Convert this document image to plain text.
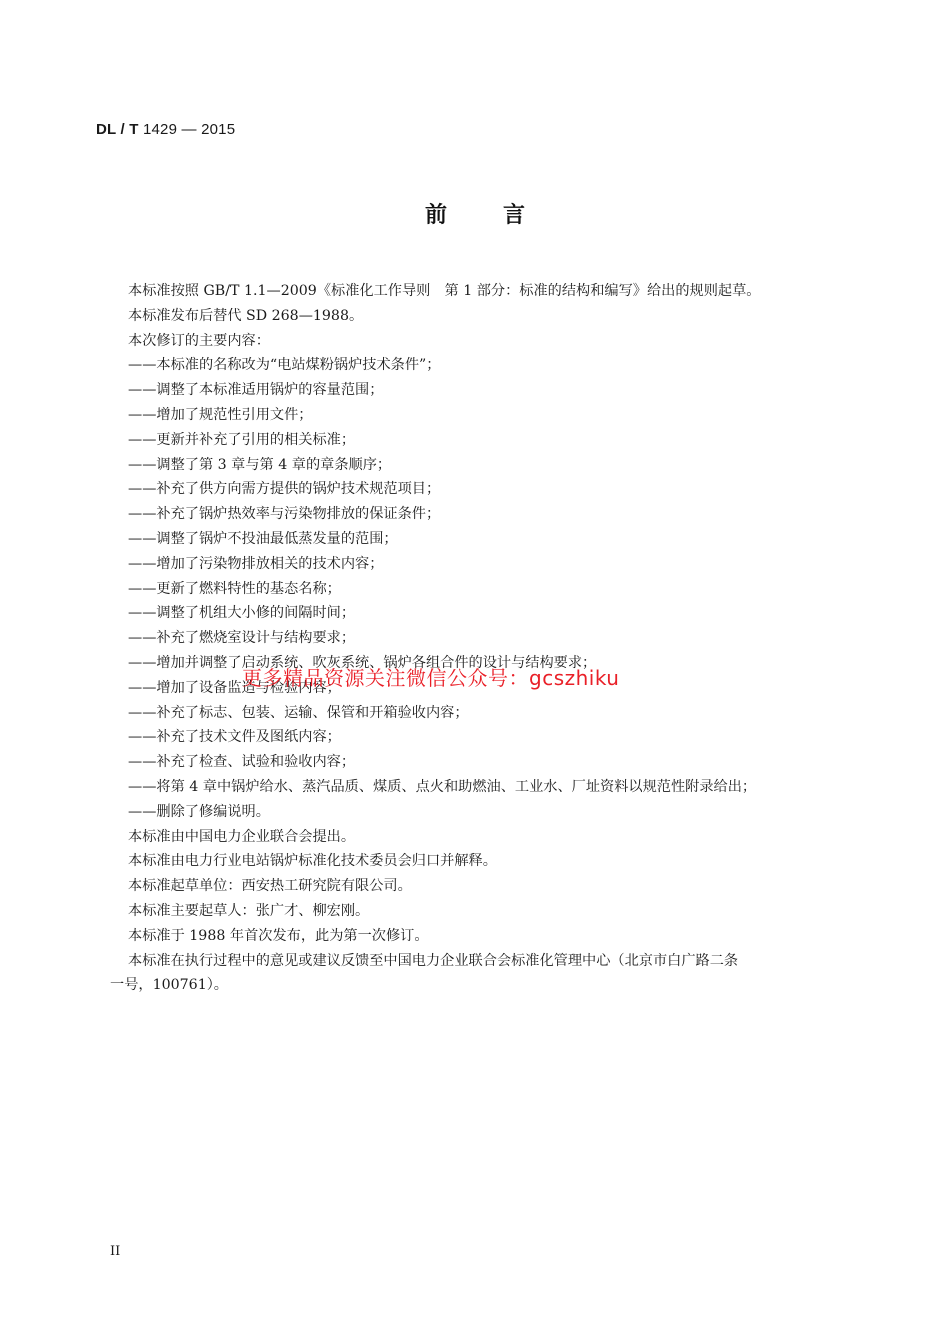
DL / T 1429 — 2015
前	言
本标准按照 GB/T 1.1—2009《标准化工作导则　第 1 部分：标准的结构和编写》给出的规则起草。
本标准发布后替代 SD 268—1988。
本次修订的主要内容：
——本标准的名称改为“电站煤粉锅炉技术条件”；
——调整了本标准适用锅炉的容量范围；
——增加了规范性引用文件；
——更新并补充了引用的相关标准；
——调整了第 3 章与第 4 章的章条顺序；
——补充了供方向需方提供的锅炉技术规范项目；
——补充了锅炉热效率与污染物排放的保证条件；
——调整了锅炉不投油最低蒸发量的范围；
——增加了污染物排放相关的技术内容；
——更新了燃料特性的基态名称；
——调整了机组大小修的间隔时间；
——补充了燃烧室设计与结构要求；
——增加并调整了启动系统、吹灰系统、锅炉各组合件的设计与结构要求；
——增加了设备监造与检验内容；
——补充了标志、包装、运输、保管和开箱验收内容；
——补充了技术文件及图纸内容；
——补充了检查、试验和验收内容；
——将第 4 章中锅炉给水、蒸汽品质、煤质、点火和助燃油、工业水、厂址资料以规范性附录给出；
——删除了修编说明。
本标准由中国电力企业联合会提出。
本标准由电力行业电站锅炉标准化技术委员会归口并解释。
本标准起草单位：西安热工研究院有限公司。
本标准主要起草人：张广才、柳宏刚。
本标准于 1988 年首次发布，此为第一次修订。
本标准在执行过程中的意见或建议反馈至中国电力企业联合会标准化管理中心（北京市白广路二条
一号，100761）。
更多精品资源关注微信公众号：gcszhiku
II
